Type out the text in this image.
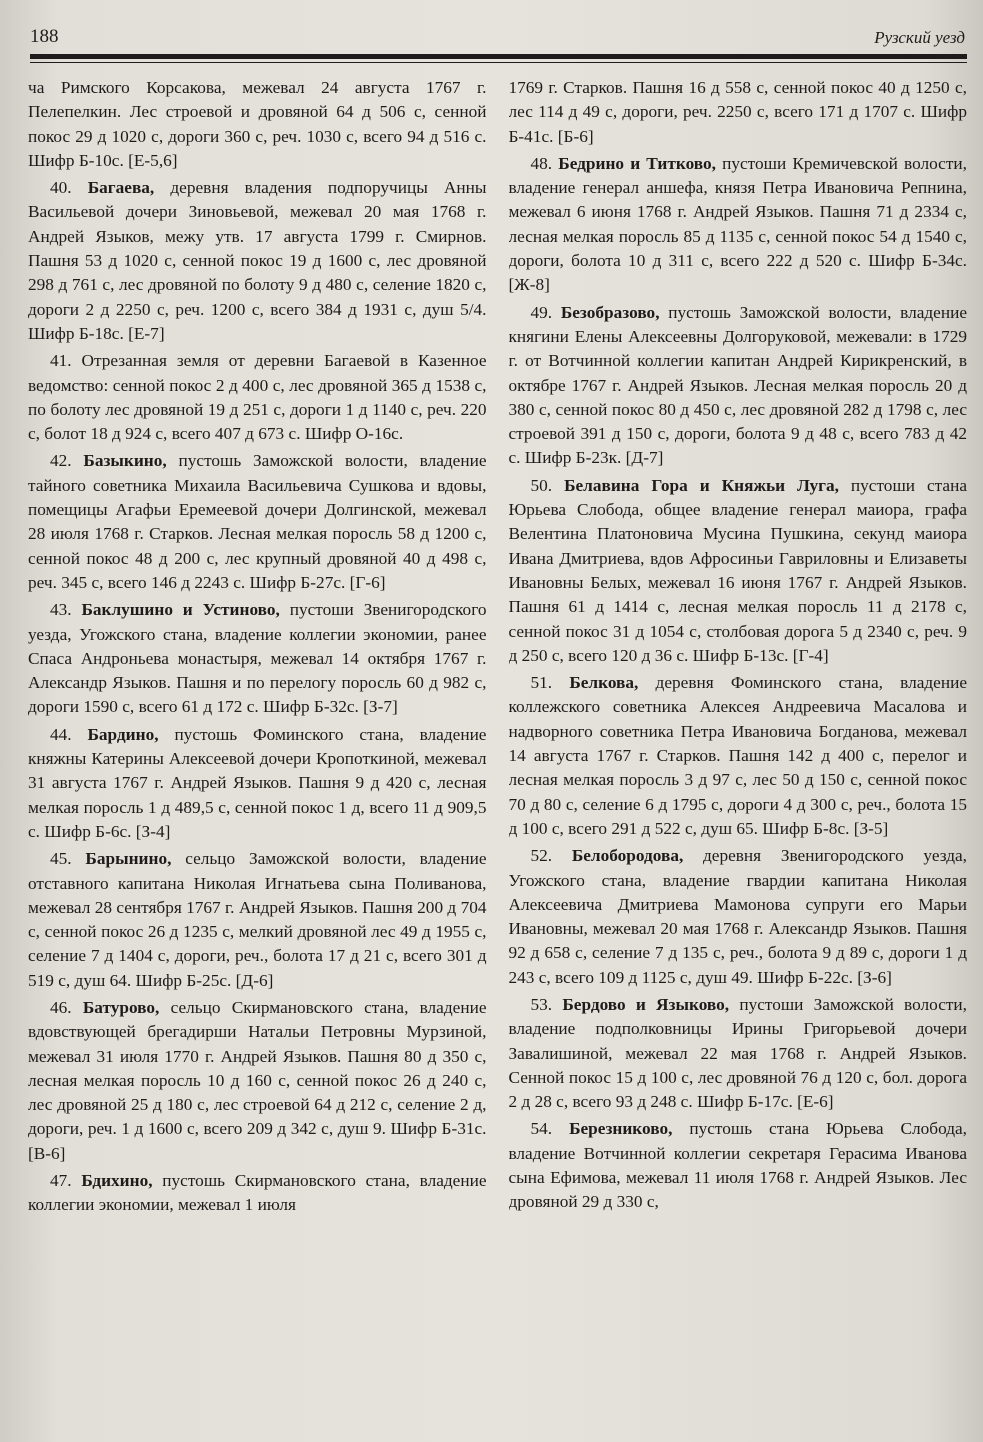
188	Рузский уезд

ча Римского Корсакова, межевал 24 августа 1767 г. Пелепелкин. Лес строевой и дровяной 64 д 506 с, сенной покос 29 д 1020 с, дороги 360 с, реч. 1030 с, всего 94 д 516 с. Шифр Б-10с. [Е-5,6]

40. Багаева, деревня владения подпоручицы Анны Васильевой дочери Зиновьевой, межевал 20 мая 1768 г. Андрей Языков, межу утв. 17 августа 1799 г. Смирнов. Пашня 53 д 1020 с, сенной покос 19 д 1600 с, лес дровяной 298 д 761 с, лес дровяной по болоту 9 д 480 с, селение 1820 с, дороги 2 д 2250 с, реч. 1200 с, всего 384 д 1931 с, душ 5/4. Шифр Б-18с. [Е-7]

41. Отрезанная земля от деревни Багаевой в Казенное ведомство: сенной покос 2 д 400 с, лес дровяной 365 д 1538 с, по болоту лес дровяной 19 д 251 с, дороги 1 д 1140 с, реч. 220 с, болот 18 д 924 с, всего 407 д 673 с. Шифр О-16с.

42. Базыкино, пустошь Заможской волости, владение тайного советника Михаила Васильевича Сушкова и вдовы, помещицы Агафьи Еремеевой дочери Долгинской, межевал 28 июля 1768 г. Старков. Лесная мелкая поросль 58 д 1200 с, сенной покос 48 д 200 с, лес крупный дровяной 40 д 498 с, реч. 345 с, всего 146 д 2243 с. Шифр Б-27с. [Г-6]

43. Баклушино и Устиново, пустоши Звенигородского уезда, Угожского стана, владение коллегии экономии, ранее Спаса Андроньева монастыря, межевал 14 октября 1767 г. Александр Языков. Пашня и по перелогу поросль 60 д 982 с, дороги 1590 с, всего 61 д 172 с. Шифр Б-32с. [З-7]

44. Бардино, пустошь Фоминского стана, владение княжны Катерины Алексеевой дочери Кропоткиной, межевал 31 августа 1767 г. Андрей Языков. Пашня 9 д 420 с, лесная мелкая поросль 1 д 489,5 с, сенной покос 1 д, всего 11 д 909,5 с. Шифр Б-6с. [З-4]

45. Барынино, сельцо Заможской волости, владение отставного капитана Николая Игнатьева сына Поливанова, межевал 28 сентября 1767 г. Андрей Языков. Пашня 200 д 704 с, сенной покос 26 д 1235 с, мелкий дровяной лес 49 д 1955 с, селение 7 д 1404 с, дороги, реч., болота 17 д 21 с, всего 301 д 519 с, душ 64. Шифр Б-25с. [Д-6]

46. Батурово, сельцо Скирмановского стана, владение вдовствующей брегадирши Натальи Петровны Мурзиной, межевал 31 июля 1770 г. Андрей Языков. Пашня 80 д 350 с, лесная мелкая поросль 10 д 160 с, сенной покос 26 д 240 с, лес дровяной 25 д 180 с, лес строевой 64 д 212 с, селение 2 д, дороги, реч. 1 д 1600 с, всего 209 д 342 с, душ 9. Шифр Б-31с. [В-6]

47. Бдихино, пустошь Скирмановского стана, владение коллегии экономии, межевал 1 июля

1769 г. Старков. Пашня 16 д 558 с, сенной покос 40 д 1250 с, лес 114 д 49 с, дороги, реч. 2250 с, всего 171 д 1707 с. Шифр Б-41с. [Б-6]

48. Бедрино и Титково, пустоши Кремичевской волости, владение генерал аншефа, князя Петра Ивановича Репнина, межевал 6 июня 1768 г. Андрей Языков. Пашня 71 д 2334 с, лесная мелкая поросль 85 д 1135 с, сенной покос 54 д 1540 с, дороги, болота 10 д 311 с, всего 222 д 520 с. Шифр Б-34с. [Ж-8]

49. Безобразово, пустошь Заможской волости, владение княгини Елены Алексеевны Долгоруковой, межевали: в 1729 г. от Вотчинной коллегии капитан Андрей Кирикренский, в октябре 1767 г. Андрей Языков. Лесная мелкая поросль 20 д 380 с, сенной покос 80 д 450 с, лес дровяной 282 д 1798 с, лес строевой 391 д 150 с, дороги, болота 9 д 48 с, всего 783 д 42 с. Шифр Б-23к. [Д-7]

50. Белавина Гора и Княжьи Луга, пустоши стана Юрьева Слобода, общее владение генерал маиора, графа Велентина Платоновича Мусина Пушкина, секунд маиора Ивана Дмитриева, вдов Афросиньи Гавриловны и Елизаветы Ивановны Белых, межевал 16 июня 1767 г. Андрей Языков. Пашня 61 д 1414 с, лесная мелкая поросль 11 д 2178 с, сенной покос 31 д 1054 с, столбовая дорога 5 д 2340 с, реч. 9 д 250 с, всего 120 д 36 с. Шифр Б-13с. [Г-4]

51. Белкова, деревня Фоминского стана, владение коллежского советника Алексея Андреевича Масалова и надворного советника Петра Ивановича Богданова, межевал 14 августа 1767 г. Старков. Пашня 142 д 400 с, перелог и лесная мелкая поросль 3 д 97 с, лес 50 д 150 с, сенной покос 70 д 80 с, селение 6 д 1795 с, дороги 4 д 300 с, реч., болота 15 д 100 с, всего 291 д 522 с, душ 65. Шифр Б-8с. [З-5]

52. Белобородова, деревня Звенигородского уезда, Угожского стана, владение гвардии капитана Николая Алексеевича Дмитриева Мамонова супруги его Марьи Ивановны, межевал 20 мая 1768 г. Александр Языков. Пашня 92 д 658 с, селение 7 д 135 с, реч., болота 9 д 89 с, дороги 1 д 243 с, всего 109 д 1125 с, душ 49. Шифр Б-22с. [З-6]

53. Бердово и Языково, пустоши Заможской волости, владение подполковницы Ирины Григорьевой дочери Завалишиной, межевал 22 мая 1768 г. Андрей Языков. Сенной покос 15 д 100 с, лес дровяной 76 д 120 с, бол. дорога 2 д 28 с, всего 93 д 248 с. Шифр Б-17с. [Е-6]

54. Березниково, пустошь стана Юрьева Слобода, владение Вотчинной коллегии секретаря Герасима Иванова сына Ефимова, межевал 11 июля 1768 г. Андрей Языков. Лес дровяной 29 д 330 с,
